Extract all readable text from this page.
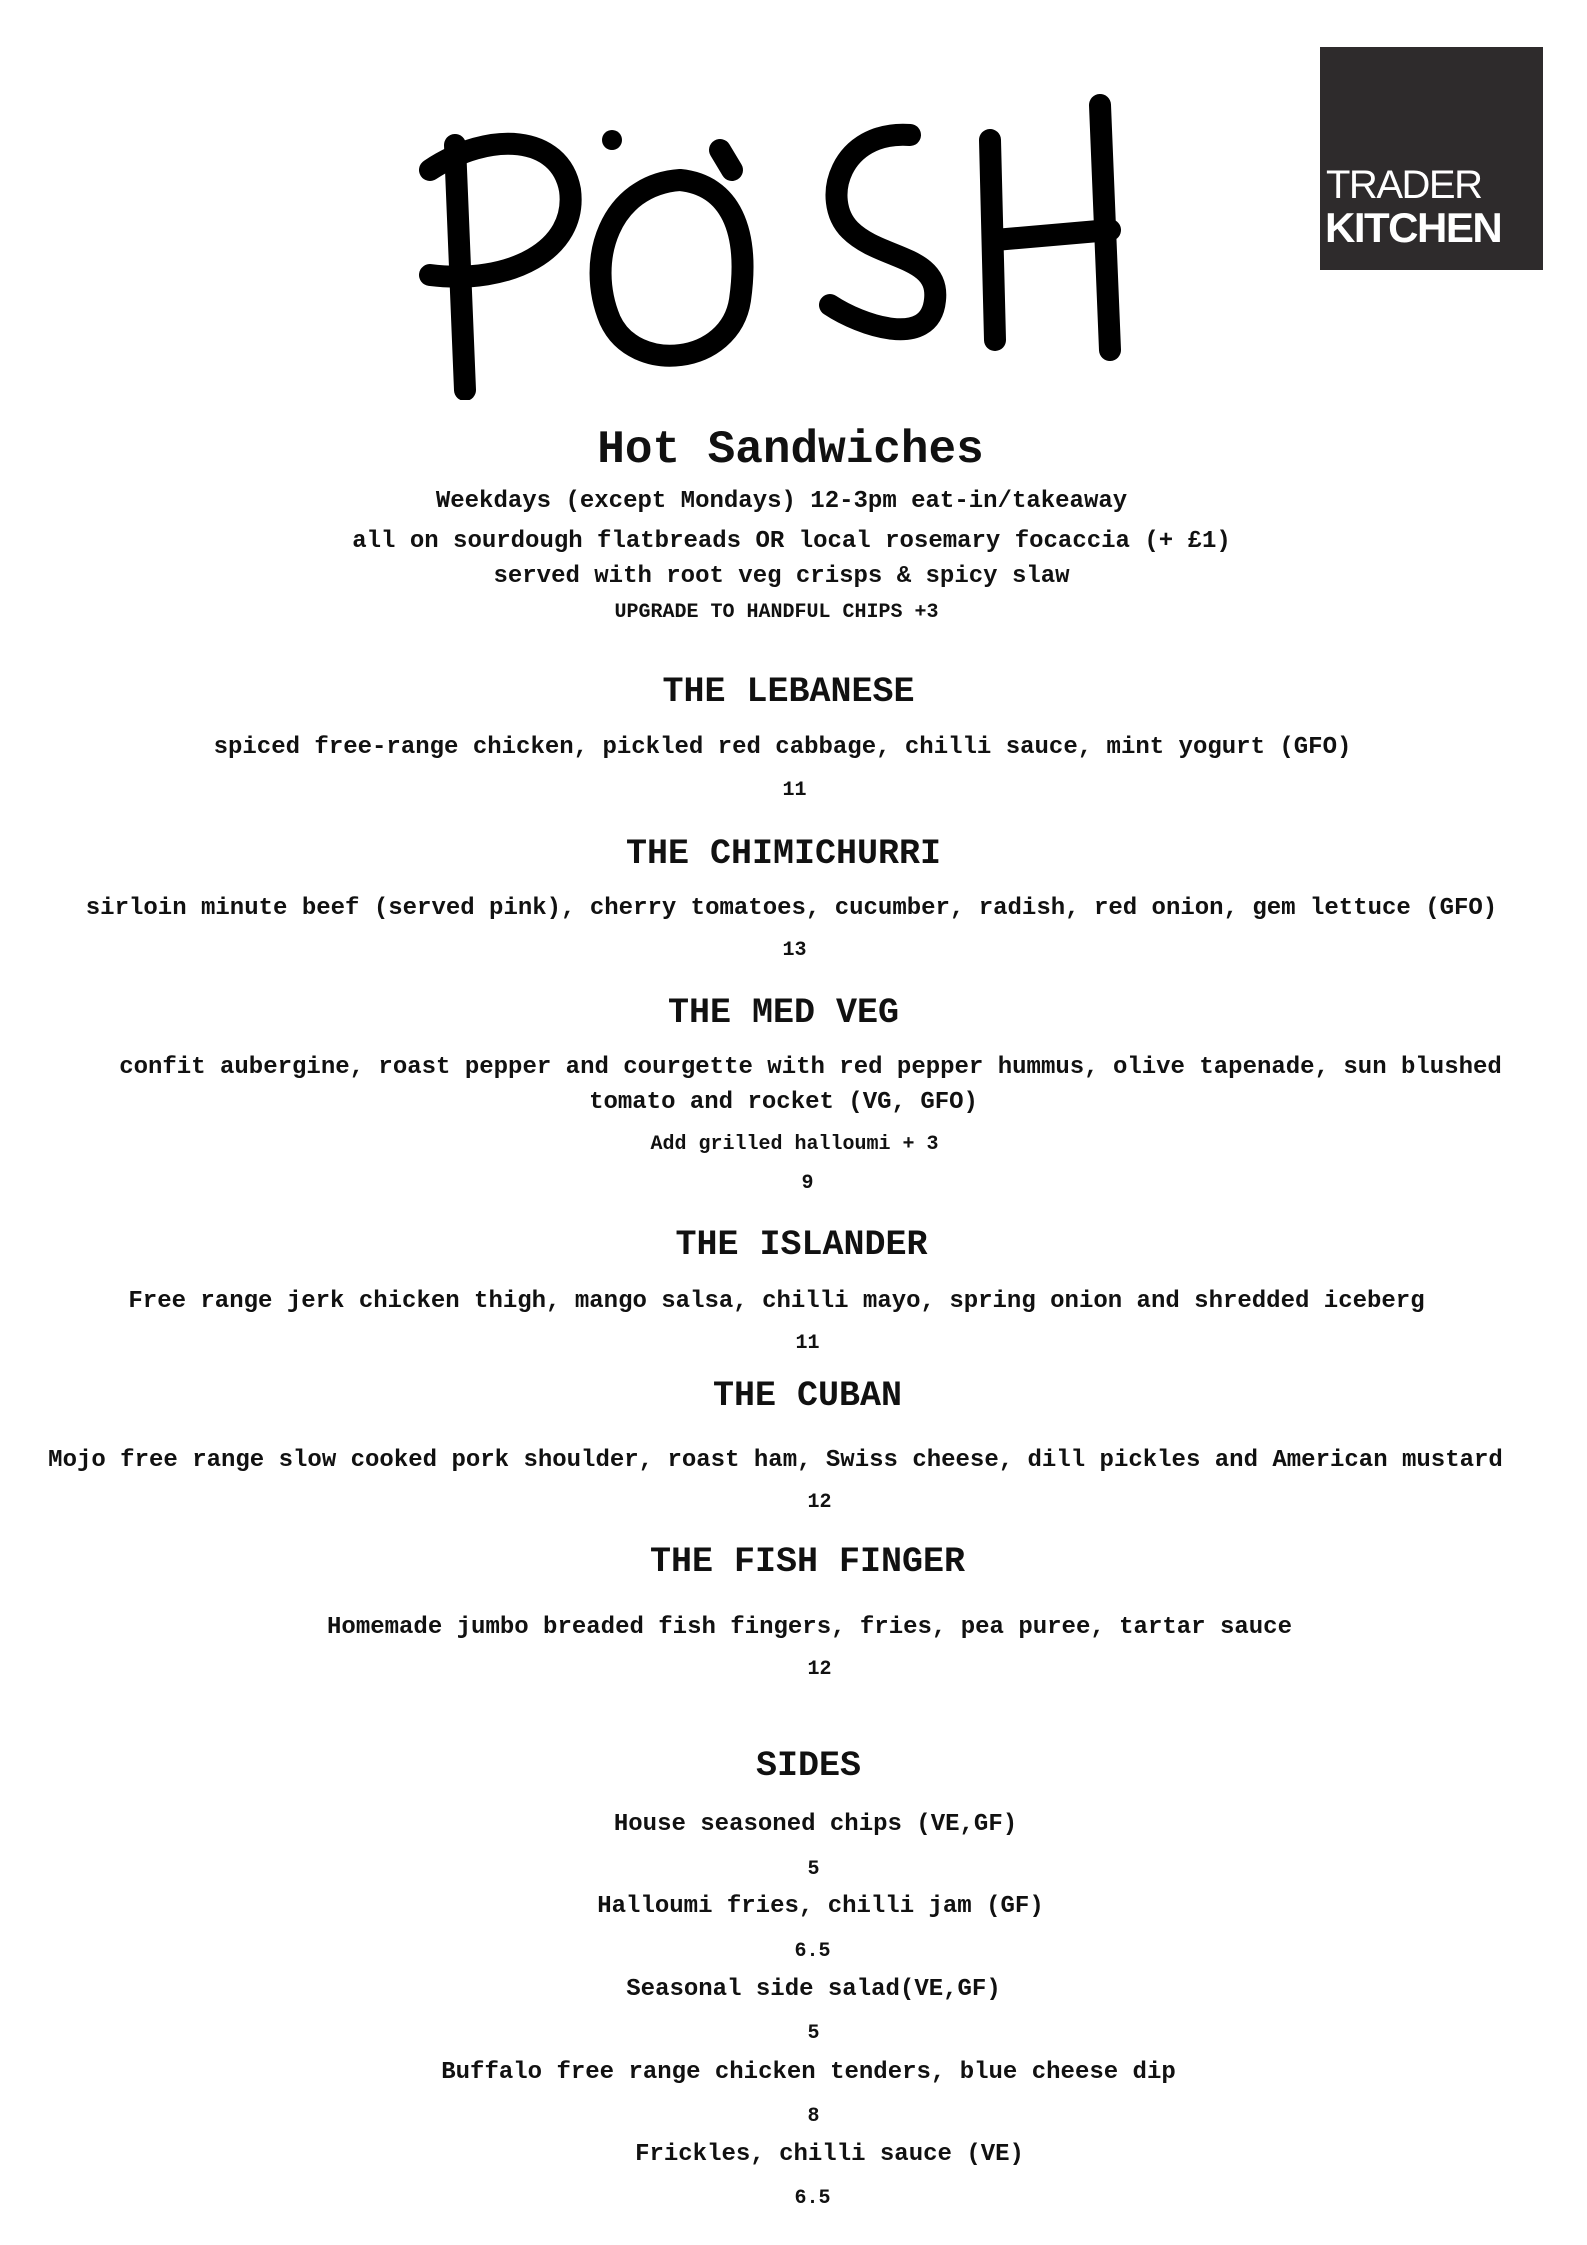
TRADER
KITCHEN
Hot Sandwiches
Weekdays (except Mondays) 12-3pm eat-in/takeaway
all on sourdough flatbreads OR local rosemary focaccia (+ £1)
served with root veg crisps & spicy slaw
UPGRADE TO HANDFUL CHIPS +3
THE LEBANESE
spiced free-range chicken, pickled red cabbage, chilli sauce, mint yogurt (GFO)
11
THE CHIMICHURRI
sirloin minute beef (served pink), cherry tomatoes, cucumber, radish, red onion, gem lettuce (GFO)
13
THE MED VEG
confit aubergine, roast pepper and courgette with red pepper hummus, olive tapenade, sun blushed
tomato and rocket (VG, GFO)
Add grilled halloumi + 3
9
THE ISLANDER
Free range jerk chicken thigh, mango salsa, chilli mayo, spring onion and shredded iceberg
11
THE CUBAN
Mojo free range slow cooked pork shoulder, roast ham, Swiss cheese, dill pickles and American mustard
12
THE FISH FINGER
Homemade jumbo breaded fish fingers, fries, pea puree, tartar sauce
12
SIDES
House seasoned chips (VE,GF)
5
Halloumi fries, chilli jam (GF)
6.5
Seasonal side salad(VE,GF)
5
Buffalo free range chicken tenders, blue cheese dip
8
Frickles, chilli sauce (VE)
6.5
